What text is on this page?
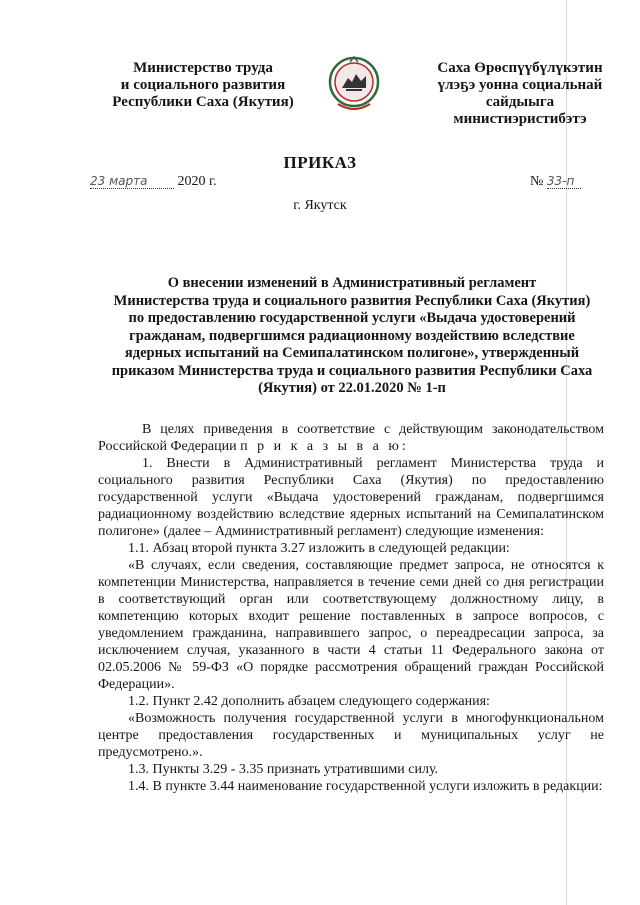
Министерство труда
и социального развития
Республики Саха (Якутия)
Саха Өрөспүүбүлүкэтин
үлэҕэ уонна социальнай
сайдыыга министиэристибэтэ
ПРИКАЗ
23 марта 2020 г.	№ 33-п
г. Якутск
О внесении изменений в Административный регламент
Министерства труда и социального развития Республики Саха (Якутия)
по предоставлению государственной услуги «Выдача удостоверений
гражданам, подвергшимся радиационному воздействию вследствие
ядерных испытаний на Семипалатинском полигоне», утвержденный
приказом Министерства труда и социального развития Республики Саха
(Якутия) от 22.01.2020 № 1-п

В целях приведения в соответствие с действующим законодательством Российской Федерации п р и к а з ы в а ю:

1. Внести в Административный регламент Министерства труда и социального развития Республики Саха (Якутия) по предоставлению государственной услуги «Выдача удостоверений гражданам, подвергшимся радиационному воздействию вследствие ядерных испытаний на Семипалатинском полигоне» (далее – Административный регламент) следующие изменения:

1.1. Абзац второй пункта 3.27 изложить в следующей редакции:

«В случаях, если сведения, составляющие предмет запроса, не относятся к компетенции Министерства, направляется в течение семи дней со дня регистрации в соответствующий орган или соответствующему должностному лицу, в компетенцию которых входит решение поставленных в запросе вопросов, с уведомлением гражданина, направившего запрос, о переадресации запроса, за исключением случая, указанного в части 4 статьи 11 Федерального закона от 02.05.2006 № 59-ФЗ «О порядке рассмотрения обращений граждан Российской Федерации».

1.2. Пункт 2.42 дополнить абзацем следующего содержания:

«Возможность получения государственной услуги в многофункциональном центре предоставления государственных и муниципальных услуг не предусмотрено.».

1.3. Пункты 3.29 - 3.35 признать утратившими силу.

1.4. В пункте 3.44 наименование государственной услуги изложить в редакции:
